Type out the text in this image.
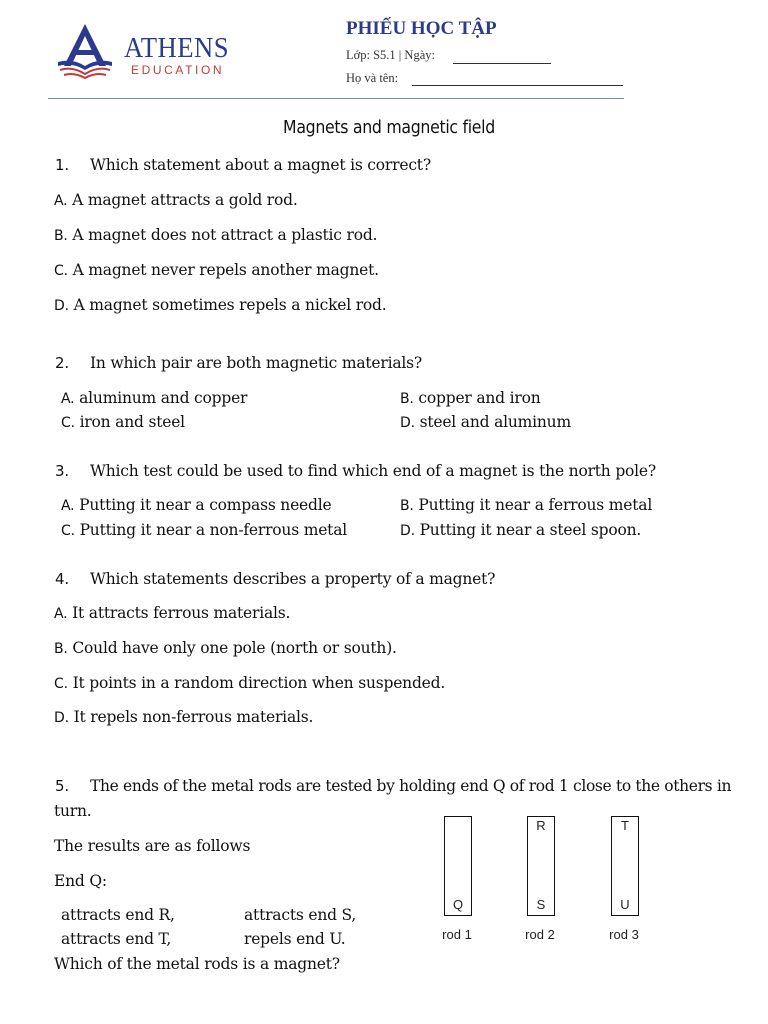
ATHENS
EDUCATION
PHIẾU HỌC TẬP
Lớp: S5.1 | Ngày:
Họ và tên:
Magnets and magnetic field
1. Which statement about a magnet is correct?
A. A magnet attracts a gold rod.
B. A magnet does not attract a plastic rod.
C. A magnet never repels another magnet.
D. A magnet sometimes repels a nickel rod.
2. In which pair are both magnetic materials?
A. aluminum and copper	B. copper and iron
C. iron and steel	D. steel and aluminum
3. Which test could be used to find which end of a magnet is the north pole?
A. Putting it near a compass needle	B. Putting it near a ferrous metal
C. Putting it near a non-ferrous metal	D. Putting it near a steel spoon.
4. Which statements describes a property of a magnet?
A. It attracts ferrous materials.
B. Could have only one pole (north or south).
C. It points in a random direction when suspended.
D. It repels non-ferrous materials.
5. The ends of the metal rods are tested by holding end Q of rod 1 close to the others in
turn.
The results are as follows
End Q:
attracts end R,	attracts end S,
attracts end T,	repels end U.
Which of the metal rods is a magnet?
Q
rod 1
R
S
rod 2
T
U
rod 3
